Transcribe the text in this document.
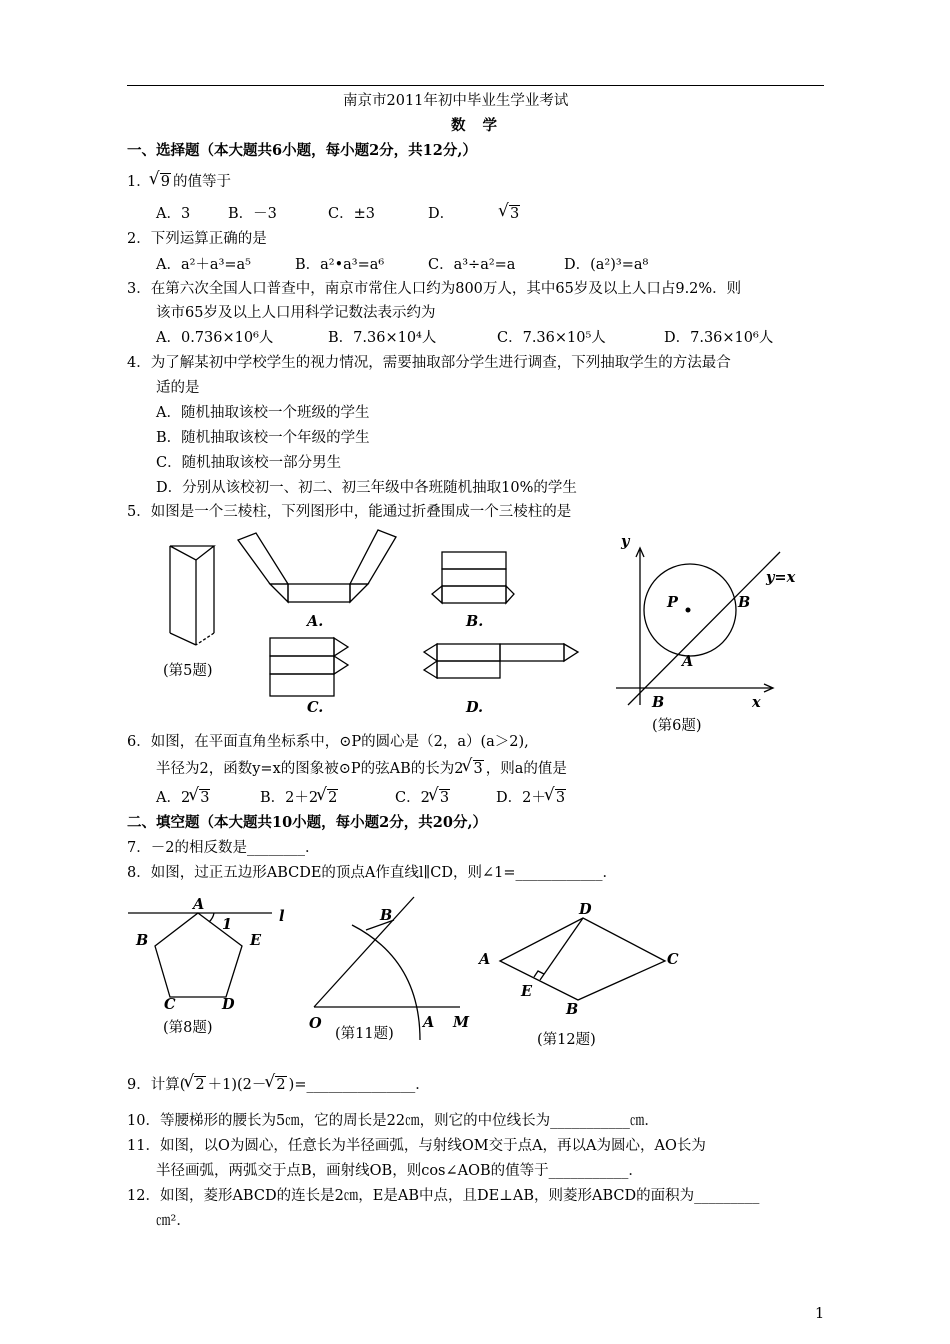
南京市2011年初中毕业生学业考试
数 学
一、选择题（本大题共6小题，每小题2分，共12分,）
1． √ 9 的值等于
A．3	B．－3	C．±3	D．	√ 3
2．下列运算正确的是
A．a²＋a³=a⁵	B．a²•a³=a⁶	C．a³÷a²=a	D．(a²)³=a⁸
3．在第六次全国人口普查中，南京市常住人口约为800万人，其中65岁及以上人口占9.2%．则
该市65岁及以上人口用科学记数法表示约为
A．0.736×10⁶人	B．7.36×10⁴人	C．7.36×10⁵人	D．7.36×10⁶人
4．为了解某初中学校学生的视力情况，需要抽取部分学生进行调查，下列抽取学生的方法最合
适的是
A．随机抽取该校一个班级的学生
B．随机抽取该校一个年级的学生
C．随机抽取该校一部分男生
D．分别从该校初一、初二、初三年级中各班随机抽取10%的学生
5．如图是一个三棱柱，下列图形中，能通过折叠围成一个三棱柱的是
A.	B.
(第5题)
C.	D.
y
y=x
P	B
A
B	x
(第6题)
6．如图，在平面直角坐标系中，⊙P的圆心是（2，a）(a＞2),
半径为2，函数y=x的图象被⊙P的弦AB的长为2 √ 3 ，则a的值是
A．2 √ 3	B．2＋2 √ 2	C．2 √ 3	D．2＋ √ 3
二、填空题（本大题共10小题，每小题2分，共20分,）
7．－2的相反数是________．
8．如图，过正五边形ABCDE的顶点A作直线l∥CD，则∠1=____________．
A
1	l
B	E
C	D
(第8题)
B
O	A M
(第11题)
D
A	C
E
B
(第12题)
9．计算( √ 2 ＋1)(2－ √ 2 )=_______________．
10．等腰梯形的腰长为5㎝，它的周长是22㎝，则它的中位线长为___________㎝．
11．如图，以O为圆心，任意长为半径画弧，与射线OM交于点A，再以A为圆心，AO长为
半径画弧，两弧交于点B，画射线OB，则cos∠AOB的值等于___________．
12．如图，菱形ABCD的连长是2㎝，E是AB中点，且DE⊥AB，则菱形ABCD的面积为_________
㎝²．
1
